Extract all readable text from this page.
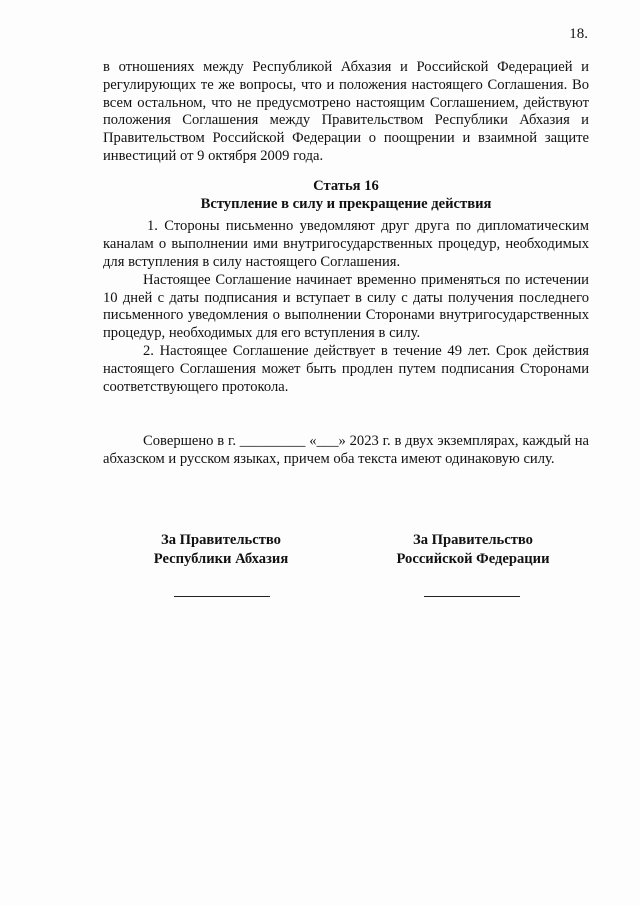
18.

в отношениях между Республикой Абхазия и Российской Федерацией и регулирующих те же вопросы, что и положения настоящего Соглашения. Во всем остальном, что не предусмотрено настоящим Соглашением, действуют положения Соглашения между Правительством Республики Абхазия и Правительством Российской Федерации о поощрении и взаимной защите инвестиций от 9 октября 2009 года.

Статья 16
Вступление в силу и прекращение действия

1. Стороны письменно уведомляют друг друга по дипломатическим каналам о выполнении ими внутригосударственных процедур, необходимых для вступления в силу настоящего Соглашения.

Настоящее Соглашение начинает временно применяться по истечении 10 дней с даты подписания и вступает в силу с даты получения последнего письменного уведомления о выполнении Сторонами внутригосударственных процедур, необходимых для его вступления в силу.

2. Настоящее Соглашение действует в течение 49 лет. Срок действия настоящего Соглашения может быть продлен путем подписания Сторонами соответствующего протокола.

Совершено в г. _________ «___» 2023 г. в двух экземплярах, каждый на абхазском и русском языках, причем оба текста имеют одинаковую силу.

За Правительство
Республики Абхазия
За Правительство
Российской Федерации
